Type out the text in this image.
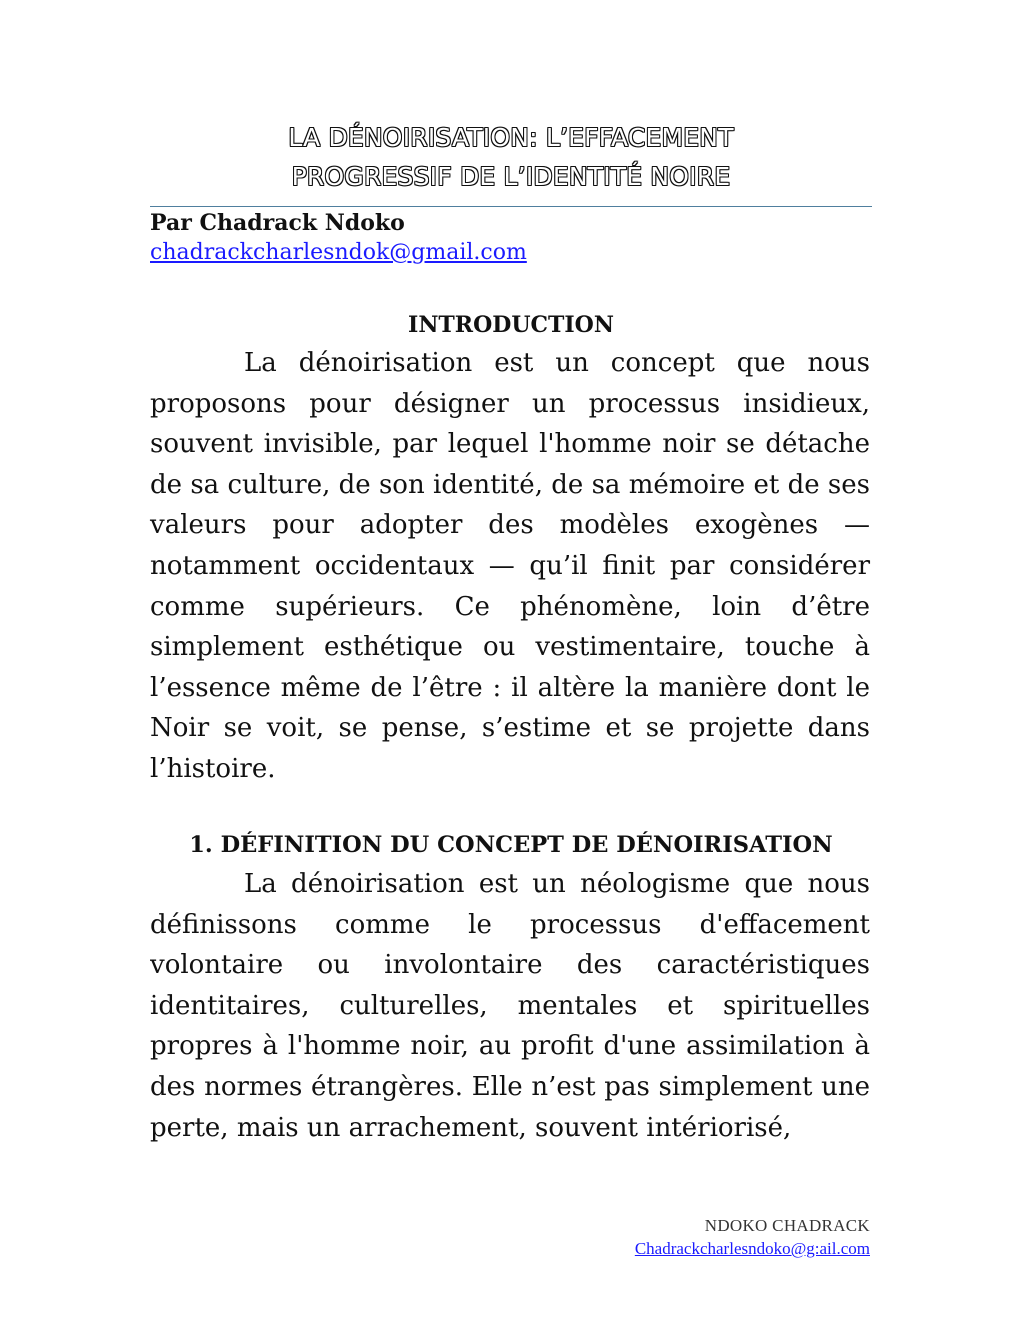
LA DÉNOIRISATION: L’EFFACEMENT
PROGRESSIF DE L’IDENTITÉ NOIRE
Par Chadrack Ndoko
chadrackcharlesndok@gmail.com
INTRODUCTION

La dénoirisation est un concept que nous proposons pour désigner un processus insidieux, souvent invisible, par lequel l'homme noir se détache de sa culture, de son identité, de sa mémoire et de ses valeurs pour adopter des modèles exogènes — notamment occidentaux — qu’il finit par considérer comme supérieurs. Ce phénomène, loin d’être simplement esthétique ou vestimentaire, touche à l’essence même de l’être : il altère la manière dont le Noir se voit, se pense, s’estime et se projette dans l’histoire.

1. DÉFINITION DU CONCEPT DE DÉNOIRISATION

La dénoirisation est un néologisme que nous définissons comme le processus d'effacement volontaire ou involontaire des caractéristiques identitaires, culturelles, mentales et spirituelles propres à l'homme noir, au profit d'une assimilation à des normes étrangères. Elle n’est pas simplement une perte, mais un arrachement, souvent intériorisé,

NDOKO CHADRACK
Chadrackcharlesndoko@g:ail.com
